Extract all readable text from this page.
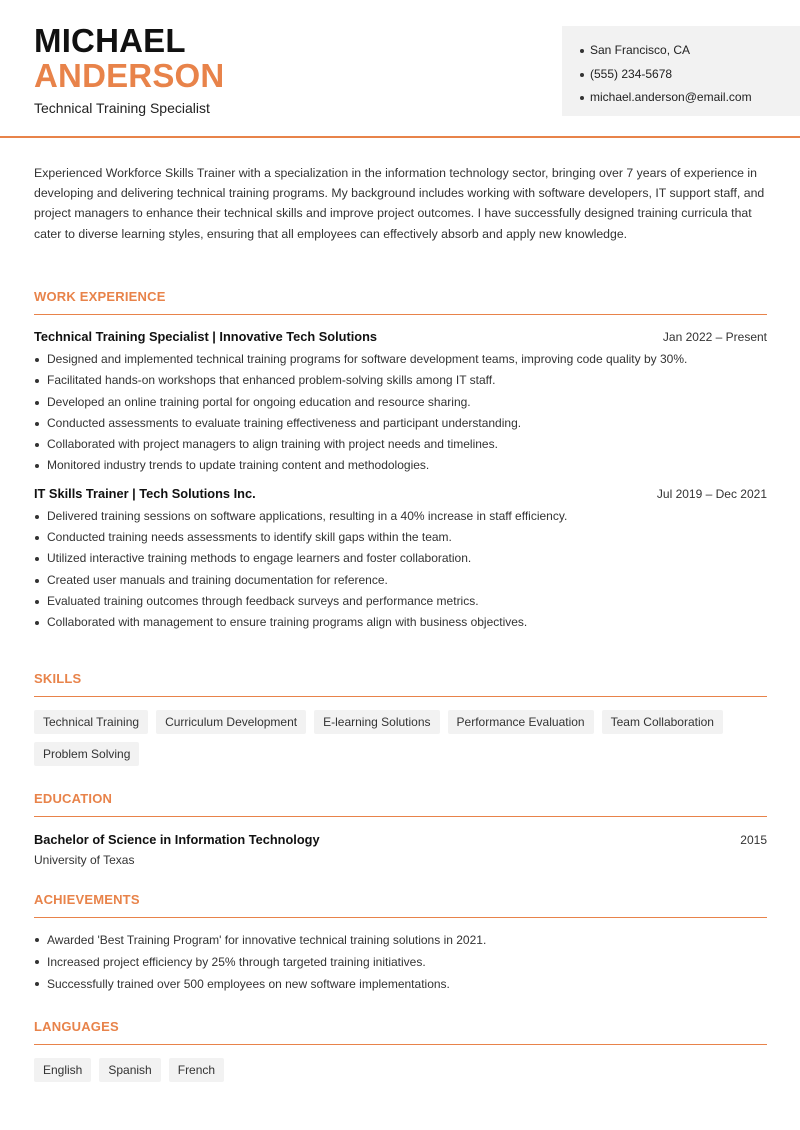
MICHAEL
ANDERSON
Technical Training Specialist
San Francisco, CA
(555) 234-5678
michael.anderson@email.com

Experienced Workforce Skills Trainer with a specialization in the information technology sector, bringing over 7 years of experience in developing and delivering technical training programs. My background includes working with software developers, IT support staff, and project managers to enhance their technical skills and improve project outcomes. I have successfully designed training curricula that cater to diverse learning styles, ensuring that all employees can effectively absorb and apply new knowledge.

WORK EXPERIENCE
Technical Training Specialist | Innovative Tech Solutions	Jan 2022 – Present
Designed and implemented technical training programs for software development teams, improving code quality by 30%.
Facilitated hands-on workshops that enhanced problem-solving skills among IT staff.
Developed an online training portal for ongoing education and resource sharing.
Conducted assessments to evaluate training effectiveness and participant understanding.
Collaborated with project managers to align training with project needs and timelines.
Monitored industry trends to update training content and methodologies.
IT Skills Trainer | Tech Solutions Inc.	Jul 2019 – Dec 2021
Delivered training sessions on software applications, resulting in a 40% increase in staff efficiency.
Conducted training needs assessments to identify skill gaps within the team.
Utilized interactive training methods to engage learners and foster collaboration.
Created user manuals and training documentation for reference.
Evaluated training outcomes through feedback surveys and performance metrics.
Collaborated with management to ensure training programs align with business objectives.
SKILLS
Technical Training	Curriculum Development	E-learning Solutions	Performance Evaluation	Team Collaboration
Problem Solving
EDUCATION
Bachelor of Science in Information Technology	2015
University of Texas
ACHIEVEMENTS
Awarded 'Best Training Program' for innovative technical training solutions in 2021.
Increased project efficiency by 25% through targeted training initiatives.
Successfully trained over 500 employees on new software implementations.
LANGUAGES
English	Spanish	French
